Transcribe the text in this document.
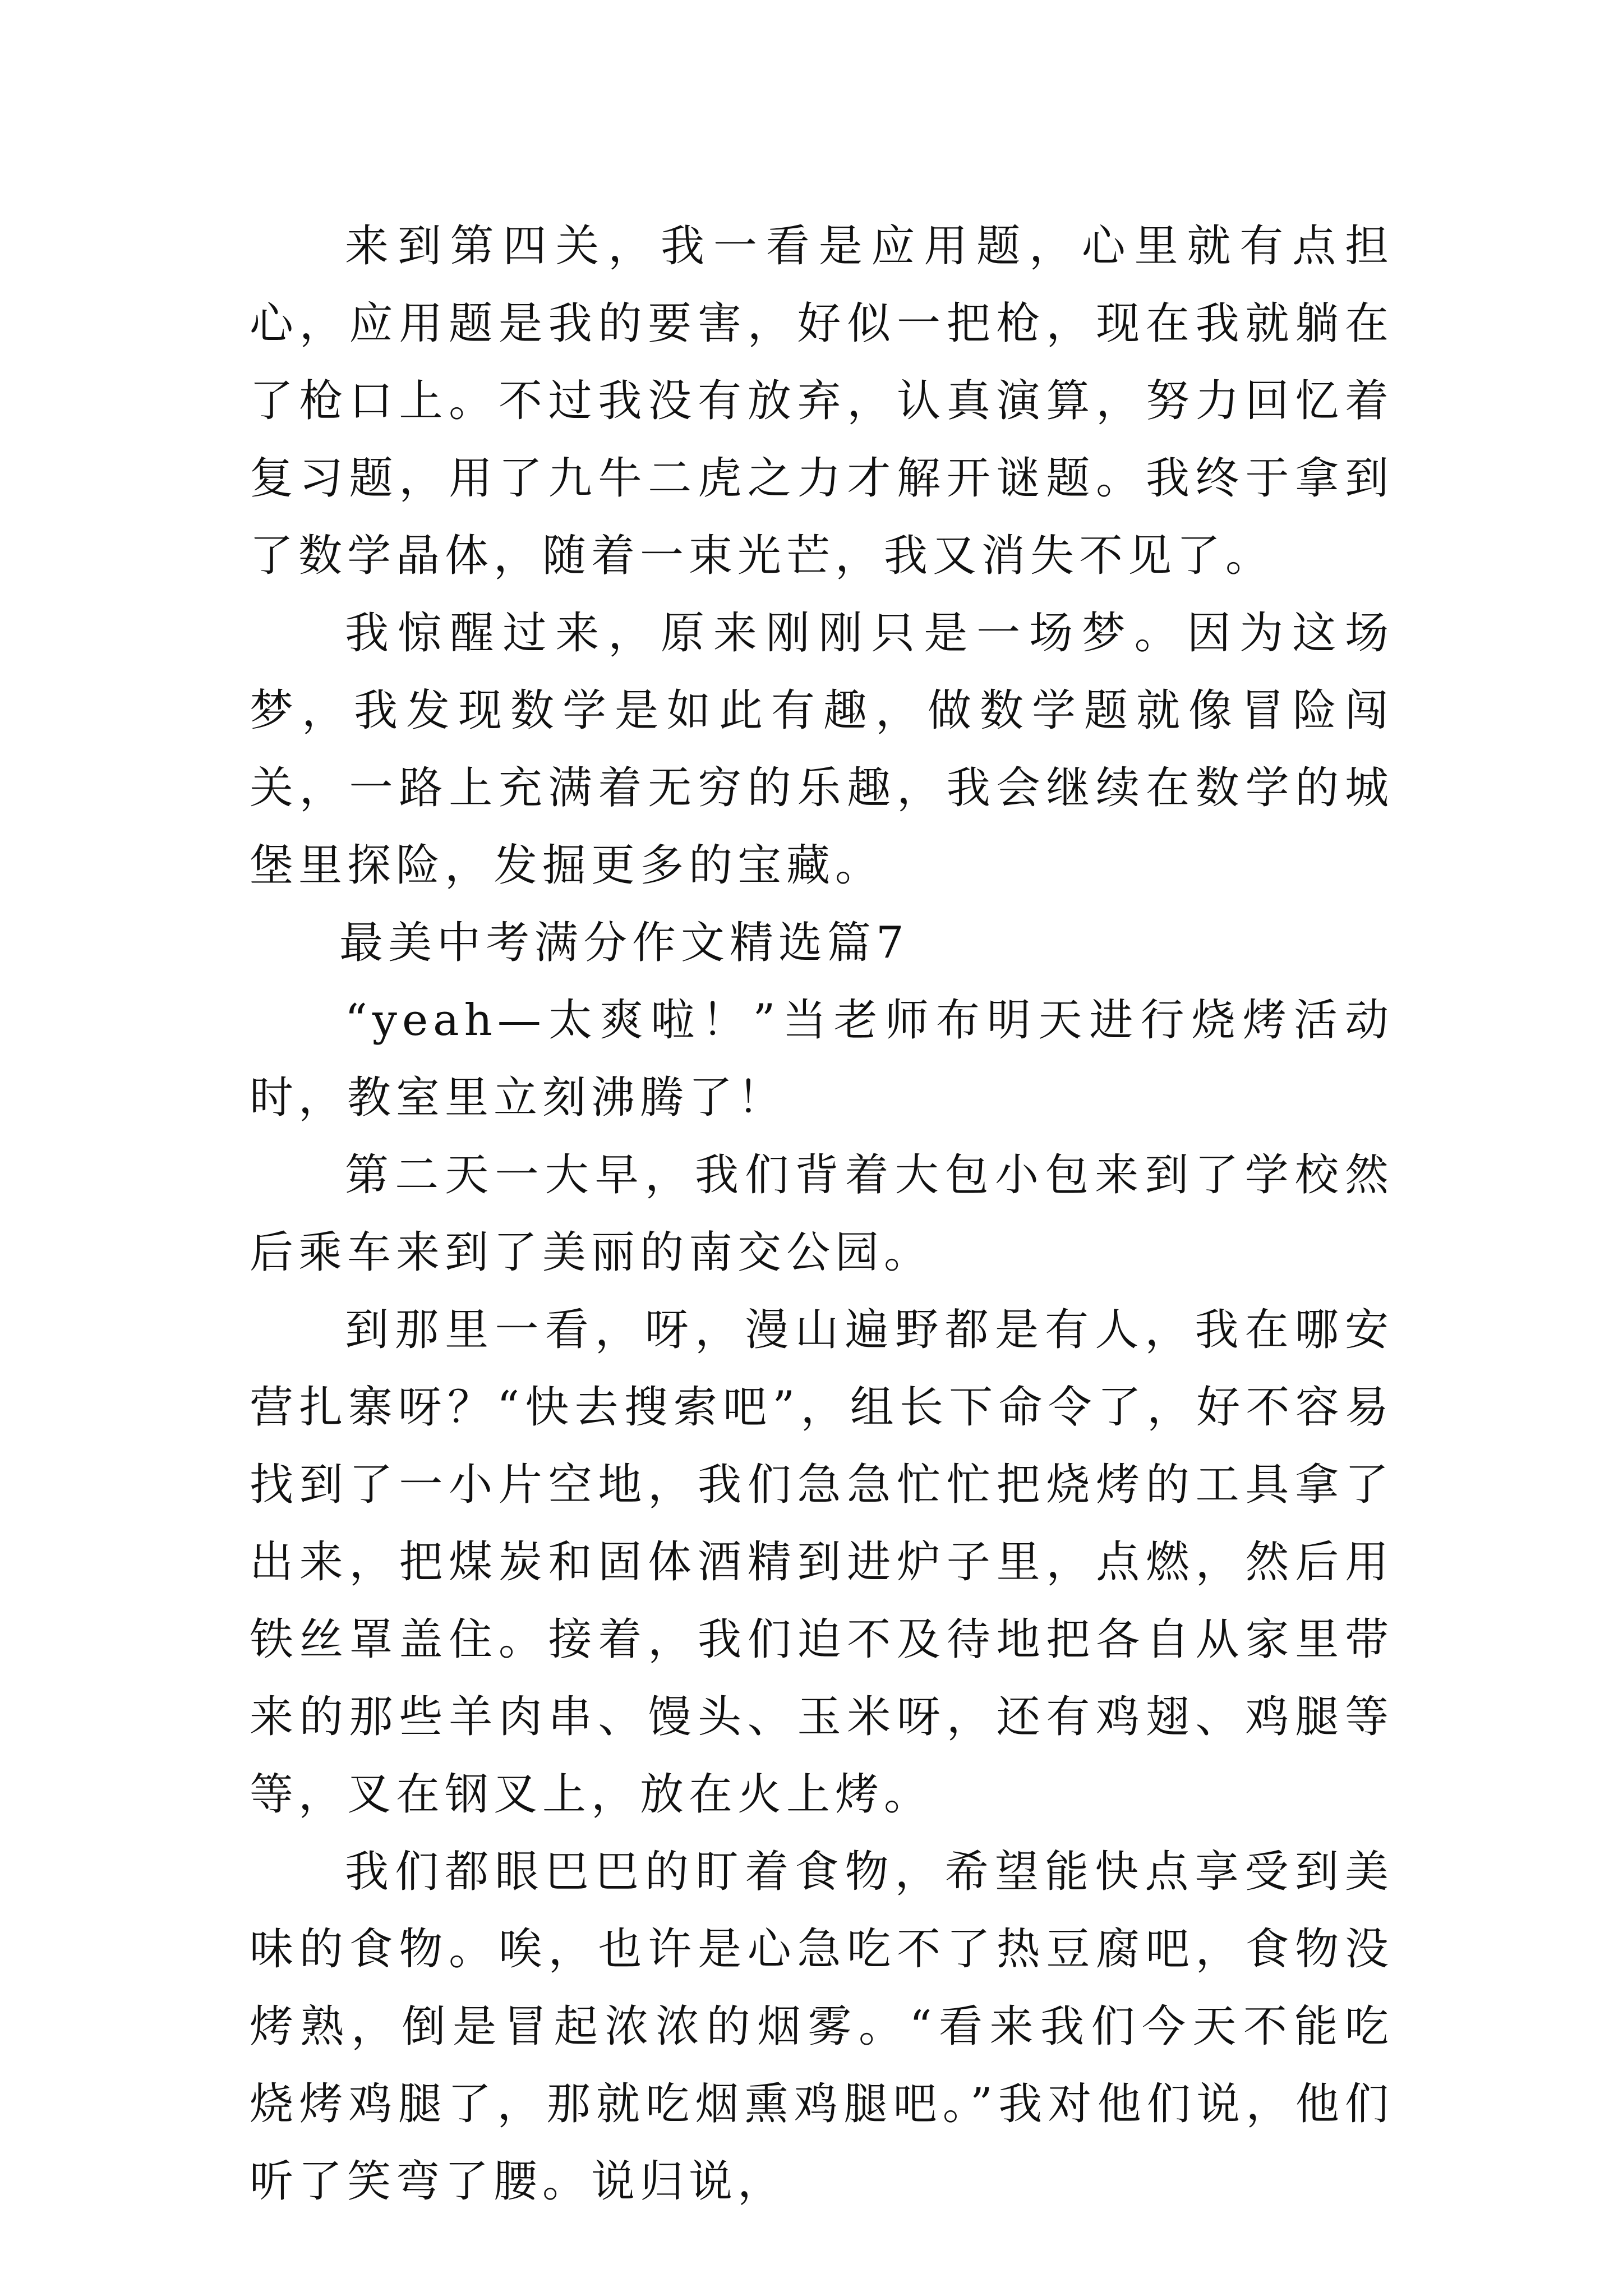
来到第四关，我一看是应用题，心里就有点担心，应用题是我的要害，好似一把枪，现在我就躺在了枪口上。不过我没有放弃，认真演算，努力回忆着复习题，用了九牛二虎之力才解开谜题。我终于拿到了数学晶体，随着一束光芒，我又消失不见了。

我惊醒过来，原来刚刚只是一场梦。因为这场梦，我发现数学是如此有趣，做数学题就像冒险闯关，一路上充满着无穷的乐趣，我会继续在数学的城堡里探险，发掘更多的宝藏。

最美中考满分作文精选篇7

“yeah—太爽啦！”当老师布明天进行烧烤活动时，教室里立刻沸腾了！

第二天一大早，我们背着大包小包来到了学校然后乘车来到了美丽的南交公园。

到那里一看，呀，漫山遍野都是有人，我在哪安营扎寨呀？“快去搜索吧”，组长下命令了，好不容易找到了一小片空地，我们急急忙忙把烧烤的工具拿了出来，把煤炭和固体酒精到进炉子里，点燃，然后用铁丝罩盖住。接着，我们迫不及待地把各自从家里带来的那些羊肉串、馒头、玉米呀，还有鸡翅、鸡腿等等，叉在钢叉上，放在火上烤。

我们都眼巴巴的盯着食物，希望能快点享受到美味的食物。唉，也许是心急吃不了热豆腐吧，食物没烤熟，倒是冒起浓浓的烟雾。“看来我们今天不能吃烧烤鸡腿了，那就吃烟熏鸡腿吧。”我对他们说，他们听了笑弯了腰。说归说，
